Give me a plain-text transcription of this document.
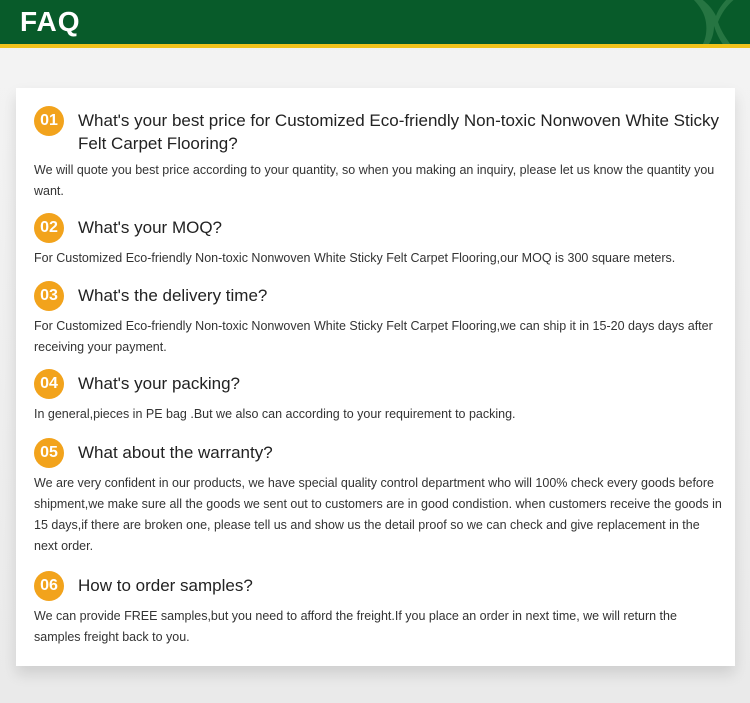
FAQ
01	What's your best price for Customized Eco-friendly Non-toxic Nonwoven White Sticky Felt Carpet Flooring?
We will quote you best price according to your quantity, so when you making an inquiry, please let us know the quantity you want.
02	What's your MOQ?
For Customized Eco-friendly Non-toxic Nonwoven White Sticky Felt Carpet Flooring,our MOQ is 300 square meters.
03	What's the delivery time?
For Customized Eco-friendly Non-toxic Nonwoven White Sticky Felt Carpet Flooring,we can ship it in 15-20 days days after receiving your payment.
04	What's your packing?
In general,pieces in PE bag .But we also can according to your requirement to packing.
05	What about the warranty?
We are very confident in our products, we have special quality control department who will 100% check every goods before shipment,we make sure all the goods we sent out to customers are in good condistion. when customers receive the goods in 15 days,if there are broken one, please tell us and show us the detail proof so we can check and give replacement in the next order.
06	How to order samples?
We can provide FREE samples,but you need to afford the freight.If you place an order in next time, we will return the samples freight back to you.
